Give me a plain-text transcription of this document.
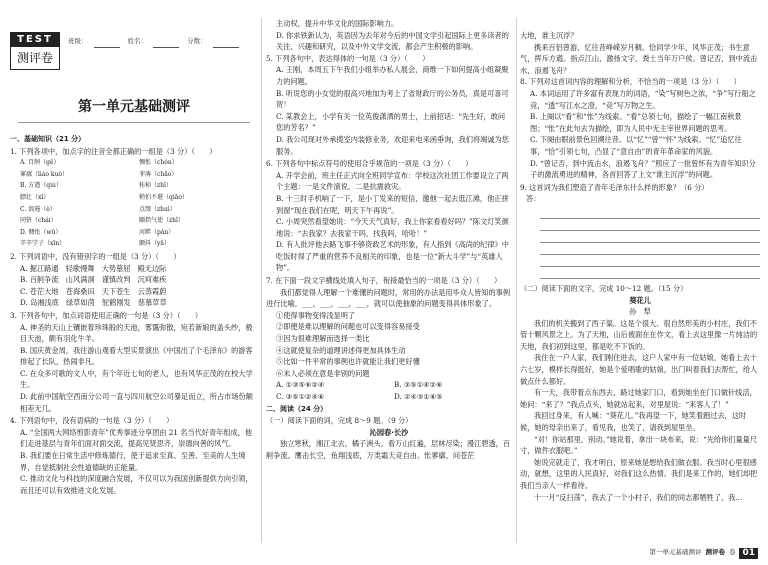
TEST
测评卷
班级：	姓名：	分数：
第一单元基础测评
一、基础知识（21 分）
1. 下列各项中，加点字的注音全都正确的一组是（3 分）（　　）
A. 百舸（gě）	惆怅（chóu）
寥廓（liáo kuò）	菲薄（chǎo）
B. 方遒（qiú）	桂棹（zhī）
膘壮（xī）	稍怕不堪（qiāo）
C. 浪遏（è）	点缀（zhuì）
同侪（chái）	颐指气使（zhǐ）
D. 惆怅（wǔ）	河畔（pàn）
辛辛学子（xīn）	颤抖（yǎ）
2. 下列词语中，没有错别字的一组是（3 分）（　　）
A. 掘江路通　轻歌慢舞　大势墓屈　殿无边际
B. 百舸争流　山风满洞　谨慎改判　沉疴难疾
C. 苍茫大地　苍海桑田　天下苍生　云蒸霞蔚
D. 岛湘浅底　绿草如茵　鸵鹤刚发　慈慕草草
3. 下列各句中，加点词语使用正确的一句是（3 分）（　　）
A. 神圣的天山上镶嵌着珍珠般的天池，雾霭弥散，宛若新娘的盖头纱，极目天池，颇有羽化牛羊。
B. 国庆黄金周，我往游山观看大型实景演出《中国出了个毛泽东》的游客排起了长队，热闹非凡。
C. 在众多可歌的文人中，有个年近七旬的老人，也有风华正茂的在校大学生。
D. 此前中国航空西南分公司一直与四川航空公司暴足而立，所占市场份额相差无几。
4. 下列语句中，没有语病的一句是（3 分）（　　）
A. “全国两大网络剪影青年”优秀事迹分享团由 21 名当代好青年组成，他们走进基层与青年们面对面交流，提高见贤思齐，崇德向善的风气。
B. 我们要在日常生活中修炼德行，使于追求至真、至善、至美的人生境界，自觉抵制社会性道德缺的正能量。
C. 推动文化与科技的深度融合发展，不仅可以为我国创新提供方向引领，而且还可以有效推进文化发展。
主动权，提升中华文化的国际影响力。
D. 你求铁新认为，英语因为去年对今后的中国文学引起国际上更多读者的关注、兴趣和研究，以及中外文学交流，都会产生积极的影响。
5. 下列各句中，表达得体的一句是（3 分）（　　）
A. 王刚，本周五下午我们小组举办私人展会，商维一下如何提高小组凝聚力的问题。
B. 听说您的小女觉的很高兴地加为考上了省财政厅的公务员，真是可喜可贺！
C. 某教会上，小学有关一位英俊潇洒的男士，上前招话：“先生好，敢问您的芳名？”
D. 我公司现对外承揽室内装修业务，欢迎来电来函垂询，我们将竭诚为您服务。
6. 下列各句中标点符号的使用合乎规范的一项是（3 分）（　　）
A. 开学会前，班主任正式向全班同学宣布：学校这次社团工作要设立了两个主题：一是文件演说，二是抗震救灾。
B. 十三时手机响了一下，是小丁发来的短信，邀他一起去逛江滩，他正拼到窗“现在我们在呢，明天下午再说”。
C. 小周突然看望她说：“今天天气真好，我上你家看看好吗？”陈文灯笑颜地说：“去我家？去我家干吗，找我吗，哈哈！”
D. 有人批评他去路飞事不够资政艺术的形象，有人指到《高尚的纪律》中吃饭时得了严重的营养不良相关的印象，也是一位“新大斗学”与“英雄人物”。
7. 在下面一段文字横线处填入句子，衔接最恰当的一项是（3 分）（　　）
我们都觉得人理解一个难懂的问题时，常用的办法是用毕众人皆知的事例进行比喻，___，___，___，___，就可以使抽象的问题变得具体形象了。
①使得事物变得浅显明了
②即便是难以理解的问题也可以变得容易接受
③因为很难理解而选择一类比
④这就使复杂的道理讲述得更加具体生动
⑤比如一件平常的事例也许就能让我们更好懂
⑥未人必须在意是非别的问题
A. ①③⑤⑥②④	B. ③⑤①④②⑥
C. ③⑤①②④⑥	D. ②④③①⑥⑤
二、阅读（24 分）
（一）阅读下面的词，完成 8～9 题。（9 分）
沁园春·长沙
独立寒秋，湘江北去，橘子洲头。看万山红遍，层林尽染；漫江碧透，百舸争流。鹰击长空，鱼翔浅底，万类霜天竞自由。怅寥廓，问苍茫
大地，谁主沉浮？
携来百侣曾游，忆往昔峥嵘岁月稠。恰同学少年，风华正茂；书生意气，挥斥方遒。指点江山，激扬文字，粪土当年万户侯。曾记否，到中流击水，浪遏飞舟？
8. 下列对这首词内容的理解和分析，不恰当的一项是（3 分）（　　）
A. 本词运用了许多富有表现力的词语，“染”写树色之浓，“争”写行船之竞，“透”写江水之澄，“竞”写万物之生。
B. 上阕以“看”和“怅”为线索。“看”总领七句，描绘了一幅江南秋景图；“怅”在此句去为描绘，即为人民中无主宰世界问题的思考。
C. 下阕由眼前景色回溯往昔。以“忆”“曾”“怀”为线索。“忆”追忆往事，“恰”引领七句，凸显了“意自由”的青年革命家的风貌。
D. “曾记否，到中流击水，浪遏飞舟？”照应了一批曾怀有为青年知识分子的激流勇进的精神，各首回答了上文“谁主沉浮”的问题。
9. 这首词为我们塑造了青年毛泽东什么样的形象？（6 分）
答：
（二）阅读下面的文字，完成 10～12 题。（15 分）
葵花儿
孙　犁
我们的机关搬到了西子渠。这是个很大、很自然形美的小村庄，我们不管十颗风景之上。为了天地，山后被面在在作文，看上去这里像一片纯洁的天地，我们初到这里，都是吃不下饭的。
我住在一户人家，我们刚住进去，这户人家中有一位姑娘，她看上去十六七岁，模样长得挺好，她是个爱唱歌的姑娘，出门叫着我们去帮忙，给人做点什么都好。
有一天，我带着点东西去，路过她家门口，看到她坐在门口做针线活，她问：“来了？”我点点头，她就站起来，对里屋说：“来客人了！”
我回过身来，有人喊：“葵花儿。”我再望一下，她笑着跑过去，这时候，她的母亲出来了，看见我，也笑了，请我到屋里坐。
“对！你站那里，别动。”她说着，拿出一块布来，说：“先给你们量量尺寸，做件衣服吧。”
她说完就走了，我才明白，原来她是想给我们做衣服。我当时心里很感动，就想，这里的人民真好，对我们这么热情。我们是来工作的，她们却把我们当亲人一样看待。
十一月“反扫荡”，我去了一个小村子，我们的同志都牺牲了，我...
第一单元基础测评 测评卷 卷 01
